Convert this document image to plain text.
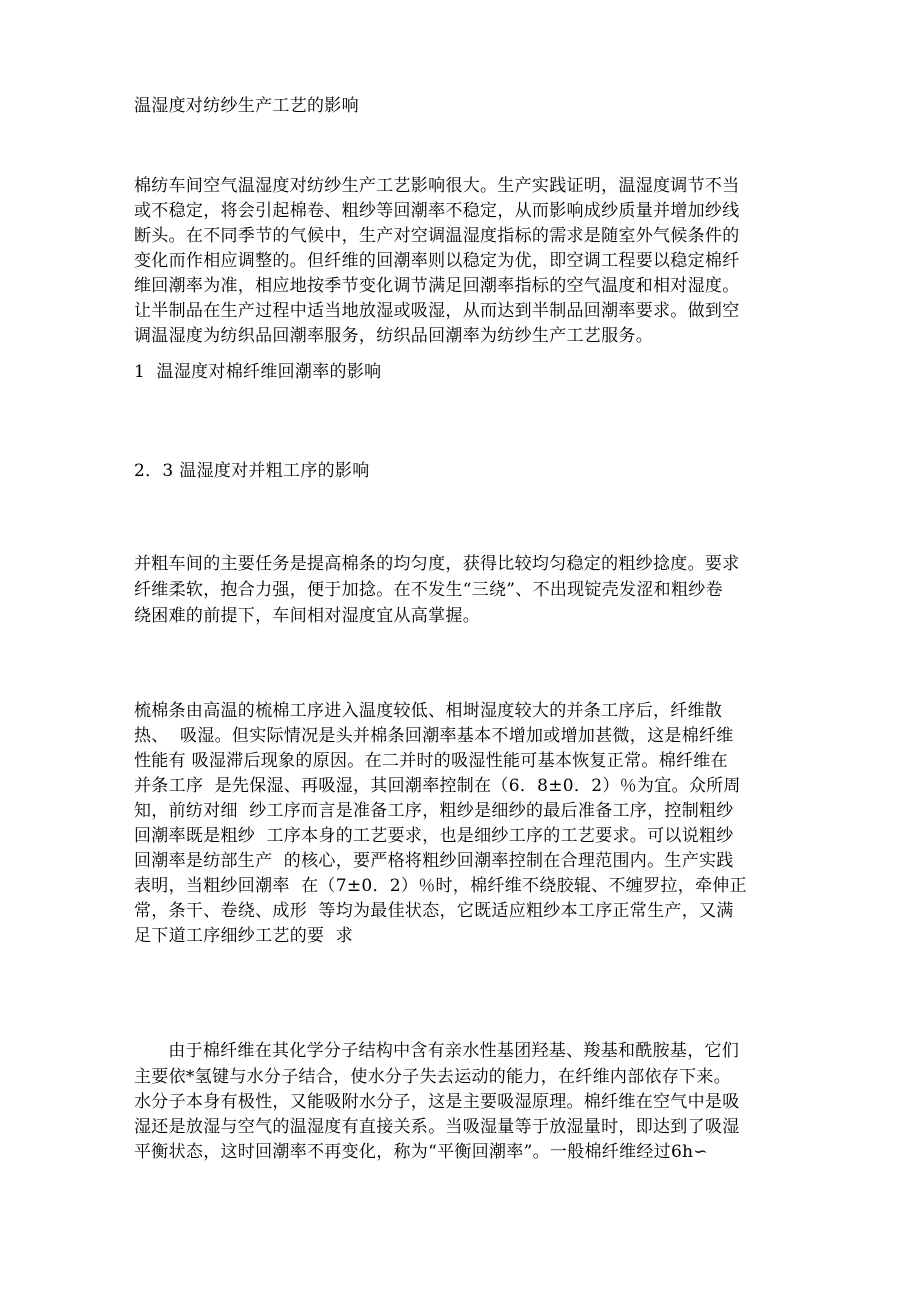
温湿度对纺纱生产工艺的影响
棉纺车间空气温湿度对纺纱生产工艺影响很大。生产实践证明，温湿度调节不当
或不稳定，将会引起棉卷、粗纱等回潮率不稳定，从而影响成纱质量并增加纱线
断头。在不同季节的气候中，生产对空调温湿度指标的需求是随室外气候条件的
变化而作相应调整的。但纤维的回潮率则以稳定为优，即空调工程要以稳定棉纤
维回潮率为准，相应地按季节变化调节满足回潮率指标的空气温度和相对湿度。
让半制品在生产过程中适当地放湿或吸湿，从而达到半制品回潮率要求。做到空
调温湿度为纺织品回潮率服务，纺织品回潮率为纺纱生产工艺服务。
1  温湿度对棉纤维回潮率的影响
2．3 温湿度对并粗工序的影响
并粗车间的主要任务是提高棉条的均匀度，获得比较均匀稳定的粗纱捻度。要求
纤维柔软，抱合力强，便于加捻。在不发生“三绕”、不出现锭壳发涩和粗纱卷
绕困难的前提下，车间相对湿度宜从高掌握。
梳棉条由高温的梳棉工序进入温度较低、相埘湿度较大的并条工序后，纤维散
热、  吸湿。但实际情况是头并棉条回潮率基本不增加或增加甚微，这是棉纤维
性能有 吸湿滞后现象的原因。在二并时的吸湿性能可基本恢复正常。棉纤维在
并条工序  是先保湿、再吸湿，其回潮率控制在（6．8±0．2）％为宜。众所周
知，前纺对细  纱工序而言是准备工序，粗纱是细纱的最后准备工序，控制粗纱
回潮率既是粗纱  工序本身的工艺要求，也是细纱工序的工艺要求。可以说粗纱
回潮率是纺部生产  的核心，要严格将粗纱回潮率控制在合理范围内。生产实践
表明，当粗纱回潮率  在（7±0．2）％时，棉纤维不绕胶辊、不缠罗拉，牵伸正
常，条干、卷绕、成形  等均为最佳状态，它既适应粗纱本工序正常生产，又满
足下道工序细纱工艺的要  求
由于棉纤维在其化学分子结构中含有亲水性基团羟基、羧基和酰胺基，它们
主要依*氢键与水分子结合，使水分子失去运动的能力，在纤维内部依存下来。
水分子本身有极性，又能吸附水分子，这是主要吸湿原理。棉纤维在空气中是吸
湿还是放湿与空气的温湿度有直接关系。当吸湿量等于放湿量时，即达到了吸湿
平衡状态，这时回潮率不再变化，称为“平衡回潮率”。一般棉纤维经过6h∽
